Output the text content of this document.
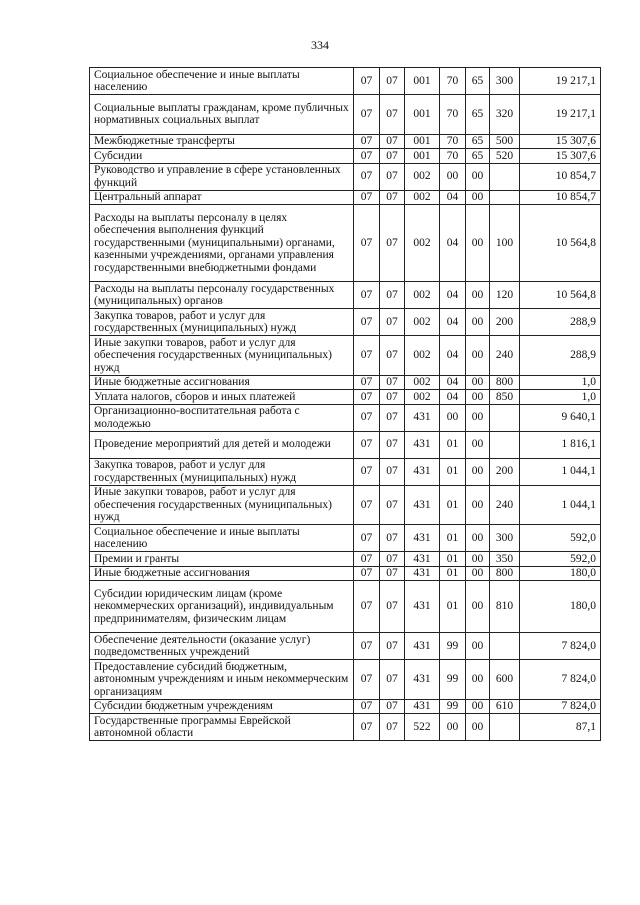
334
Социальное обеспечение и иные выплаты населению	07	07	001	70	65	300	19 217,1
Социальные выплаты гражданам, кроме публичных нормативных социальных выплат	07	07	001	70	65	320	19 217,1
Межбюджетные трансферты	07	07	001	70	65	500	15 307,6
Субсидии	07	07	001	70	65	520	15 307,6
Руководство и управление в сфере установленных функций	07	07	002	00	00		10 854,7
Центральный аппарат	07	07	002	04	00		10 854,7
Расходы на выплаты персоналу в целях обеспечения выполнения функций государственными (муниципальными) органами, казенными учреждениями, органами управления государственными внебюджетными фондами	07	07	002	04	00	100	10 564,8
Расходы на выплаты персоналу государственных (муниципальных) органов	07	07	002	04	00	120	10 564,8
Закупка товаров, работ и услуг для государственных (муниципальных) нужд	07	07	002	04	00	200	288,9
Иные закупки товаров, работ и услуг для обеспечения государственных (муниципальных) нужд	07	07	002	04	00	240	288,9
Иные бюджетные ассигнования	07	07	002	04	00	800	1,0
Уплата налогов, сборов и иных платежей	07	07	002	04	00	850	1,0
Организационно-воспитательная работа с молодежью	07	07	431	00	00		9 640,1
Проведение мероприятий для детей и молодежи	07	07	431	01	00		1 816,1
Закупка товаров, работ и услуг для государственных (муниципальных) нужд	07	07	431	01	00	200	1 044,1
Иные закупки товаров, работ и услуг для обеспечения государственных (муниципальных) нужд	07	07	431	01	00	240	1 044,1
Социальное обеспечение и иные выплаты населению	07	07	431	01	00	300	592,0
Премии и гранты	07	07	431	01	00	350	592,0
Иные бюджетные ассигнования	07	07	431	01	00	800	180,0
Субсидии юридическим лицам (кроме некоммерческих организаций), индивидуальным предпринимателям, физическим лицам	07	07	431	01	00	810	180,0
Обеспечение деятельности (оказание услуг) подведомственных учреждений	07	07	431	99	00		7 824,0
Предоставление субсидий бюджетным, автономным учреждениям и иным некоммерческим организациям	07	07	431	99	00	600	7 824,0
Субсидии бюджетным учреждениям	07	07	431	99	00	610	7 824,0
Государственные программы Еврейской автономной области	07	07	522	00	00		87,1
